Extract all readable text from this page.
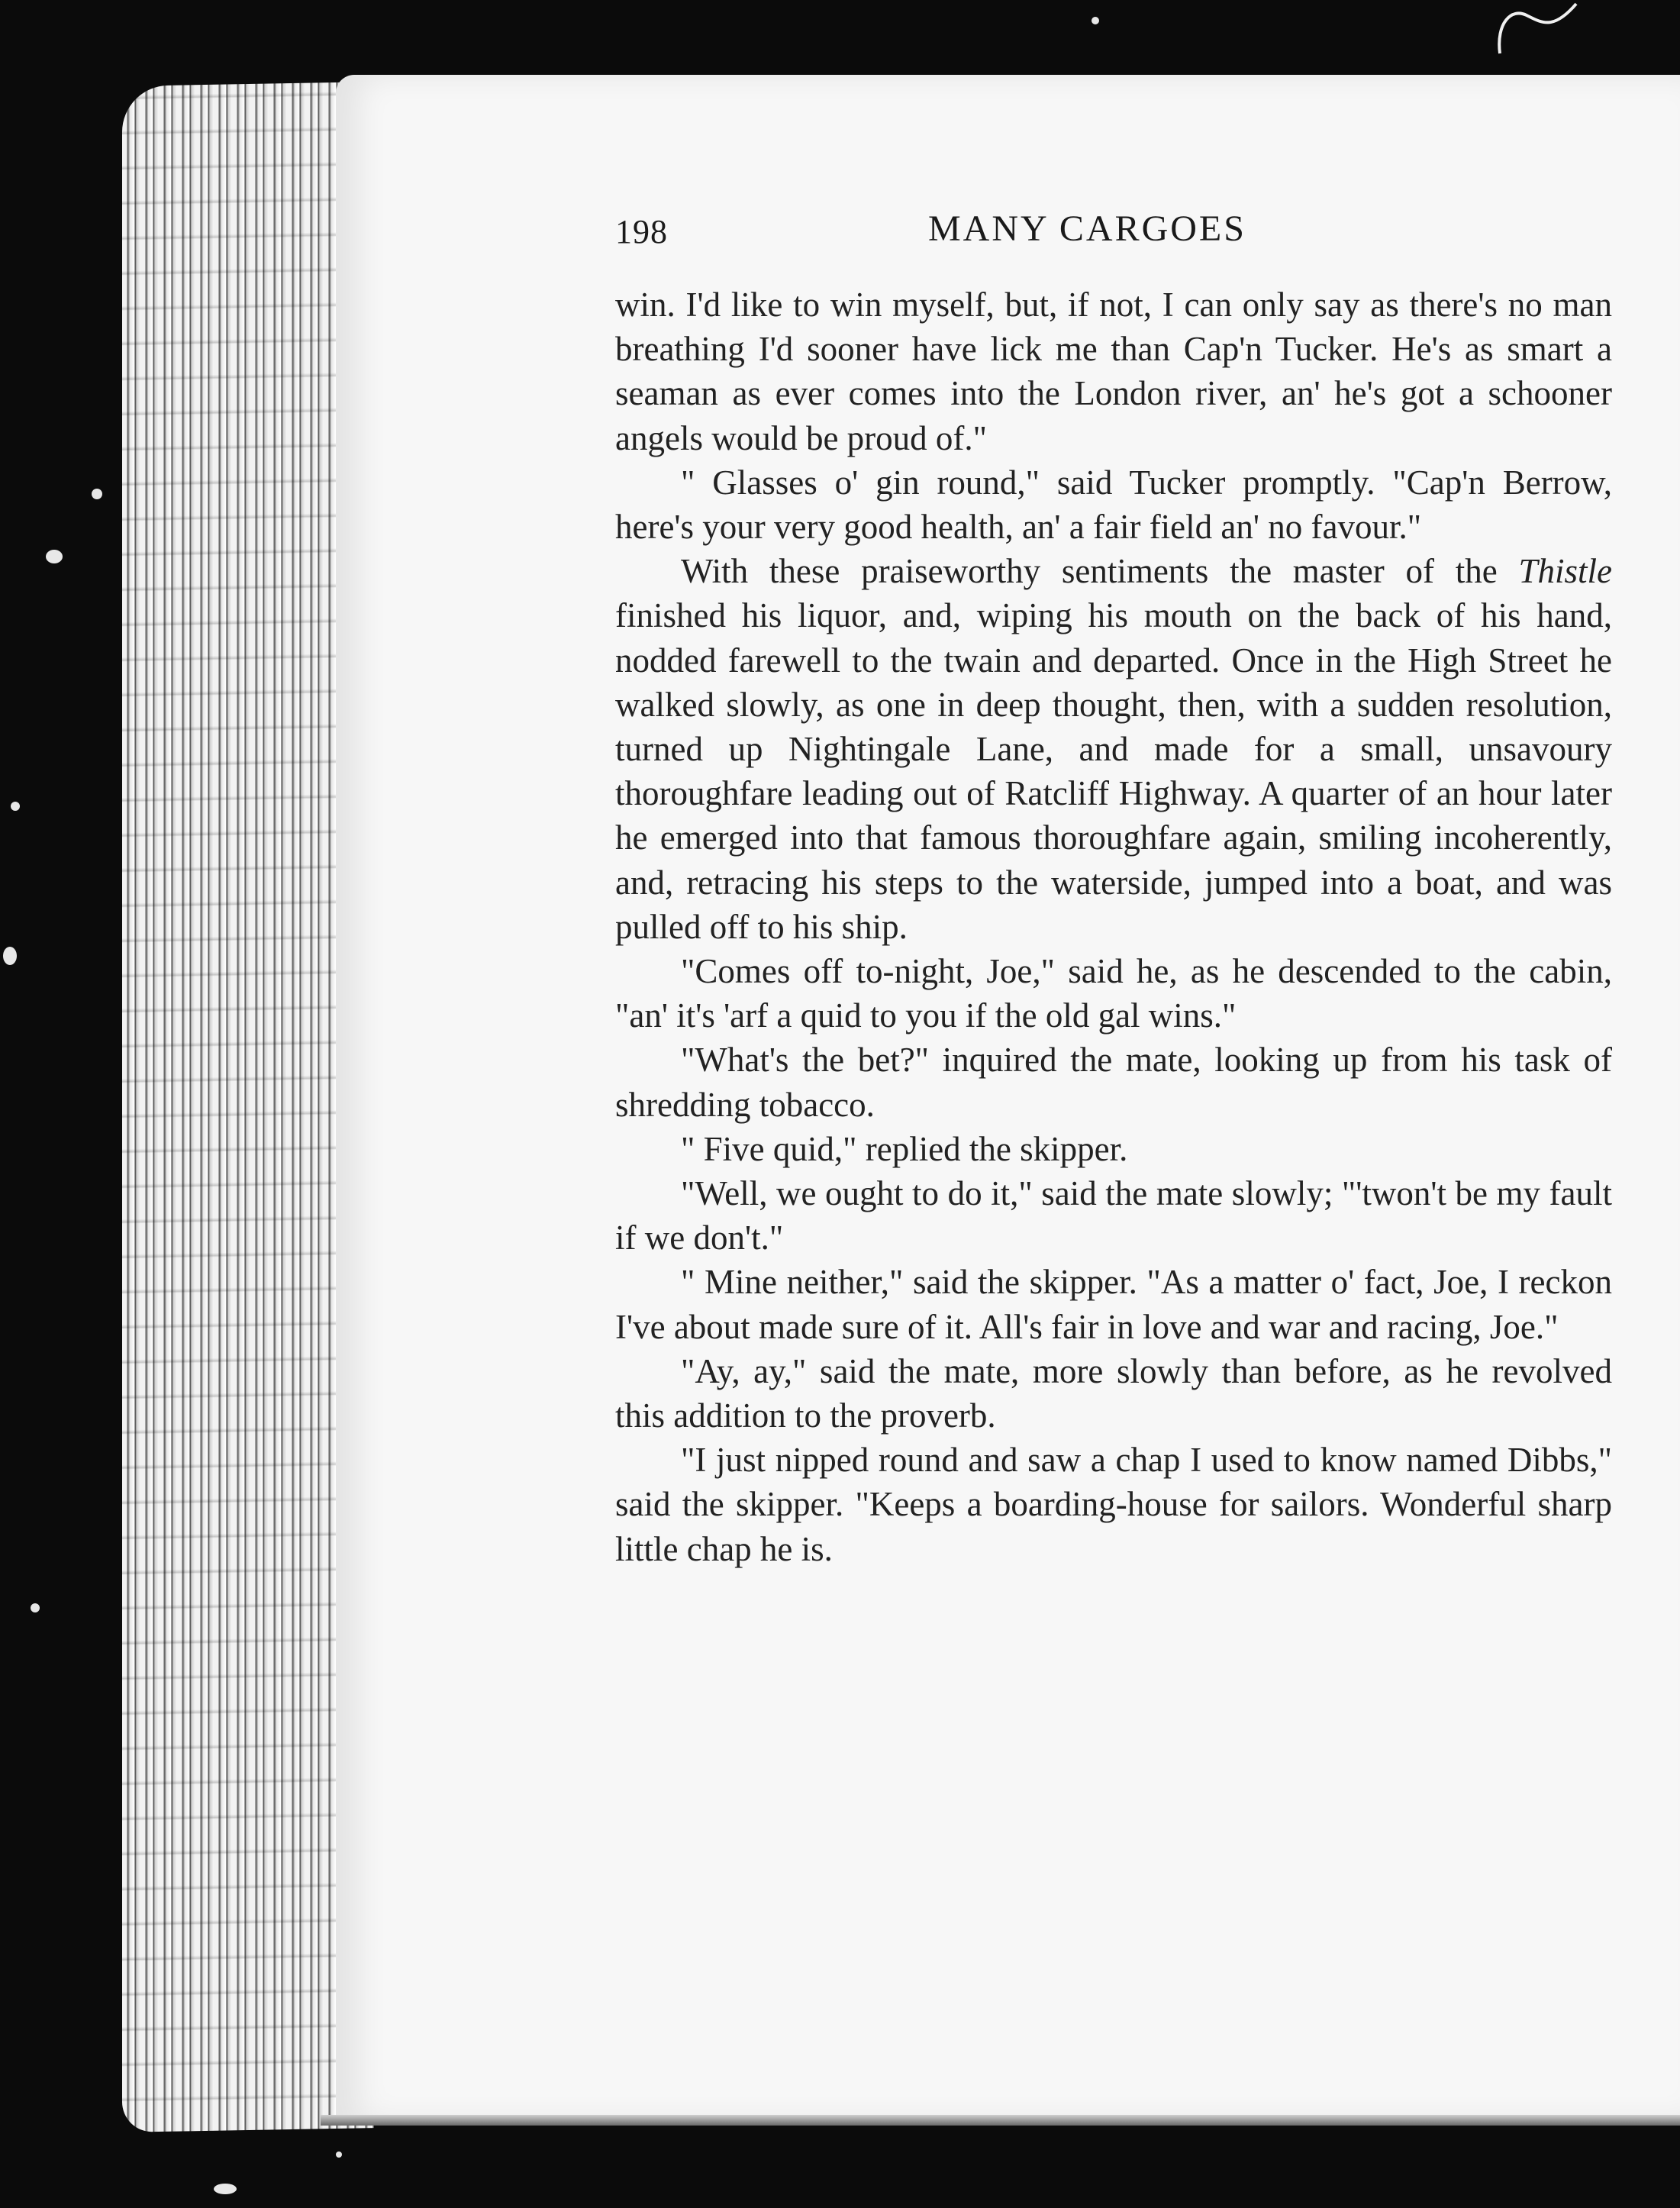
198	MANY CARGOES

win. I'd like to win myself, but, if not, I can only say as there's no man breathing I'd sooner have lick me than Cap'n Tucker. He's as smart a seaman as ever comes into the London river, an' he's got a schooner angels would be proud of."

" Glasses o' gin round," said Tucker promptly. "Cap'n Berrow, here's your very good health, an' a fair field an' no favour."

With these praiseworthy sentiments the master of the Thistle finished his liquor, and, wiping his mouth on the back of his hand, nodded farewell to the twain and departed. Once in the High Street he walked slowly, as one in deep thought, then, with a sudden resolution, turned up Nightingale Lane, and made for a small, unsavoury thoroughfare leading out of Ratcliff Highway. A quarter of an hour later he emerged into that famous thoroughfare again, smiling incoherently, and, retracing his steps to the waterside, jumped into a boat, and was pulled off to his ship.

"Comes off to-night, Joe," said he, as he descended to the cabin, "an' it's 'arf a quid to you if the old gal wins."

"What's the bet?" inquired the mate, looking up from his task of shredding tobacco.

" Five quid," replied the skipper.

"Well, we ought to do it," said the mate slowly; "'twon't be my fault if we don't."

" Mine neither," said the skipper. "As a matter o' fact, Joe, I reckon I've about made sure of it. All's fair in love and war and racing, Joe."

"Ay, ay," said the mate, more slowly than before, as he revolved this addition to the proverb.

"I just nipped round and saw a chap I used to know named Dibbs," said the skipper. "Keeps a boarding-house for sailors. Wonderful sharp little chap he is.
